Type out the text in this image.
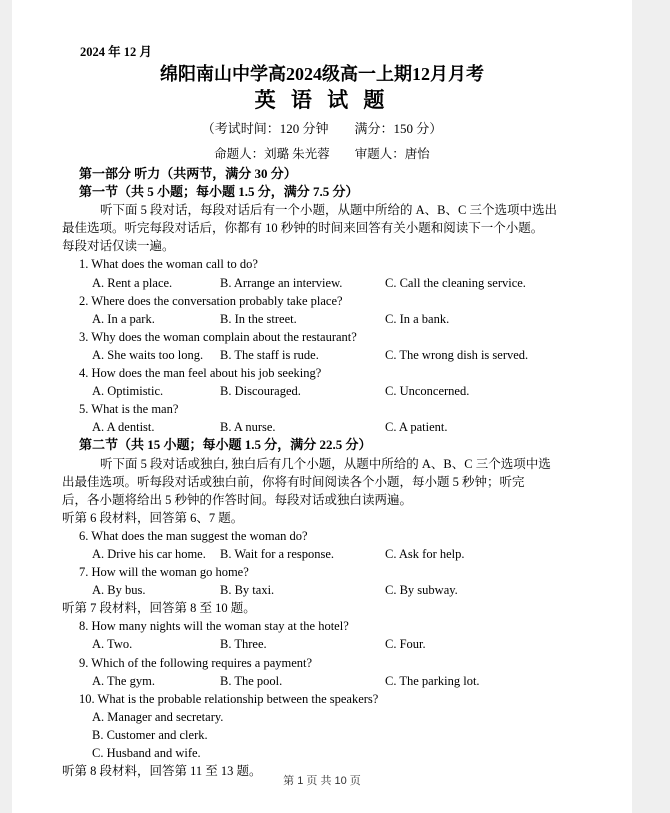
2024 年 12 月
绵阳南山中学高2024级高一上期12月月考
英 语 试 题
（考试时间：120 分钟　　满分：150 分）
命题人：刘璐 朱光蓉　　审题人：唐怡
第一部分 听力（共两节，满分 30 分）
第一节（共 5 小题；每小题 1.5 分，满分 7.5 分）
听下面 5 段对话，每段对话后有一个小题，从题中所给的 A、B、C 三个选项中选出
最佳选项。听完每段对话后，你都有 10 秒钟的时间来回答有关小题和阅读下一个小题。
每段对话仅读一遍。
1. What does the woman call to do?
A. Rent a place.	B. Arrange an interview.	C. Call the cleaning service.
2. Where does the conversation probably take place?
A. In a park.	B. In the street.	C. In a bank.
3. Why does the woman complain about the restaurant?
A. She waits too long.	B. The staff is rude.	C. The wrong dish is served.
4. How does the man feel about his job seeking?
A. Optimistic.	B. Discouraged.	C. Unconcerned.
5. What is the man?
A. A dentist.	B. A nurse.	C. A patient.
第二节（共 15 小题；每小题 1.5 分，满分 22.5 分）
听下面 5 段对话或独白, 独白后有几个小题，从题中所给的 A、B、C 三个选项中选
出最佳选项。听每段对话或独白前，你将有时间阅读各个小题，每小题 5 秒钟；听完
后，各小题将给出 5 秒钟的作答时间。每段对话或独白读两遍。
听第 6 段材料，回答第 6、7 题。
6. What does the man suggest the woman do?
A. Drive his car home.	B. Wait for a response.	C. Ask for help.
7. How will the woman go home?
A. By bus.	B. By taxi.	C. By subway.
听第 7 段材料，回答第 8 至 10 题。
8. How many nights will the woman stay at the hotel?
A. Two.	B. Three.	C. Four.
9. Which of the following requires a payment?
A. The gym.	B. The pool.	C. The parking lot.
10. What is the probable relationship between the speakers?
A. Manager and secretary.
B. Customer and clerk.
C. Husband and wife.
听第 8 段材料，回答第 11 至 13 题。
第 1 页 共 10 页
